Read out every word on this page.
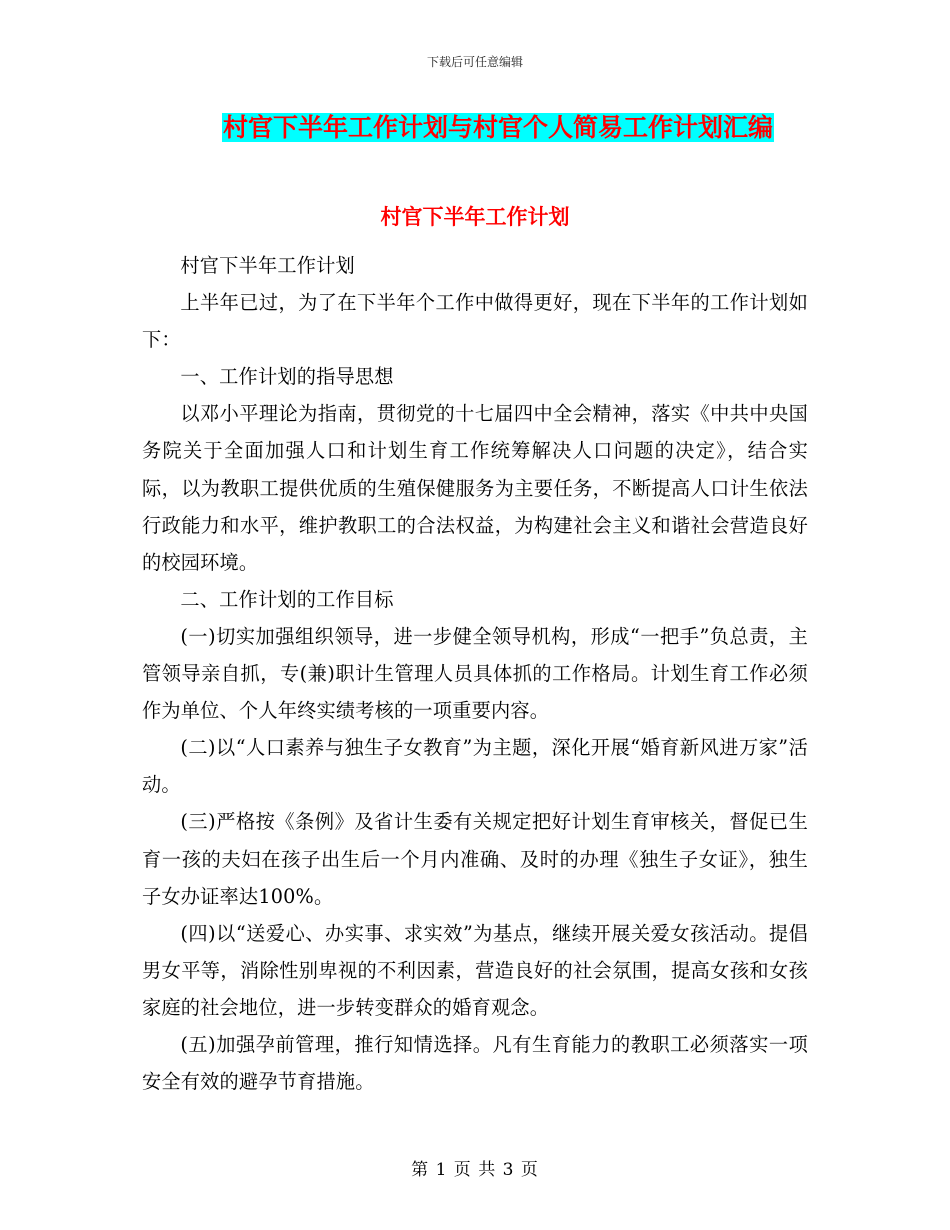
下载后可任意编辑
村官下半年工作计划与村官个人简易工作计划汇编
村官下半年工作计划

村官下半年工作计划

上半年已过，为了在下半年个工作中做得更好，现在下半年的工作计划如下：

一、工作计划的指导思想

以邓小平理论为指南，贯彻党的十七届四中全会精神，落实《中共中央国务院关于全面加强人口和计划生育工作统筹解决人口问题的决定》，结合实际，以为教职工提供优质的生殖保健服务为主要任务，不断提高人口计生依法行政能力和水平，维护教职工的合法权益，为构建社会主义和谐社会营造良好的校园环境。

二、工作计划的工作目标

(一)切实加强组织领导，进一步健全领导机构，形成“一把手”负总责，主管领导亲自抓，专(兼)职计生管理人员具体抓的工作格局。计划生育工作必须作为单位、个人年终实绩考核的一项重要内容。

(二)以“人口素养与独生子女教育”为主题，深化开展“婚育新风进万家”活动。

(三)严格按《条例》及省计生委有关规定把好计划生育审核关，督促已生育一孩的夫妇在孩子出生后一个月内准确、及时的办理《独生子女证》，独生子女办证率达100%。

(四)以“送爱心、办实事、求实效”为基点，继续开展关爱女孩活动。提倡男女平等，消除性别卑视的不利因素，营造良好的社会氛围，提高女孩和女孩家庭的社会地位，进一步转变群众的婚育观念。

(五)加强孕前管理，推行知情选择。凡有生育能力的教职工必须落实一项安全有效的避孕节育措施。

第 1 页 共 3 页
